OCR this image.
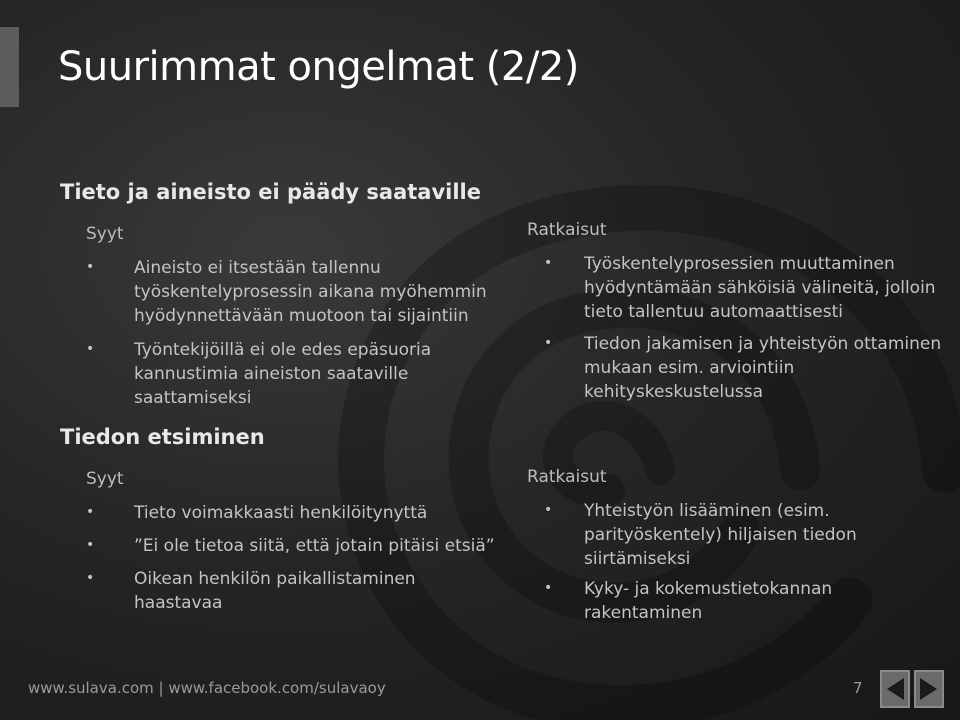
Suurimmat ongelmat (2/2)
Tieto ja aineisto ei päädy saataville
Syyt
• Aineisto ei itsestään tallennu
työskentelyprosessin aikana myöhemmin
hyödynnettävään muotoon tai sijaintiin
• Työntekijöillä ei ole edes epäsuoria
kannustimia aineiston saataville
saattamiseksi
Ratkaisut
• Työskentelyprosessien muuttaminen
hyödyntämään sähköisiä välineitä, jolloin
tieto tallentuu automaattisesti
• Tiedon jakamisen ja yhteistyön ottaminen
mukaan esim. arviointiin
kehityskeskustelussa
Tiedon etsiminen
Syyt
• Tieto voimakkaasti henkilöitynyttä
• ”Ei ole tietoa siitä, että jotain pitäisi etsiä”
• Oikean henkilön paikallistaminen
haastavaa
Ratkaisut
• Yhteistyön lisääminen (esim.
parityöskentely) hiljaisen tiedon siirtämiseksi
• Kyky- ja kokemustietokannan rakentaminen
www.sulava.com | www.facebook.com/sulavaoy	7
